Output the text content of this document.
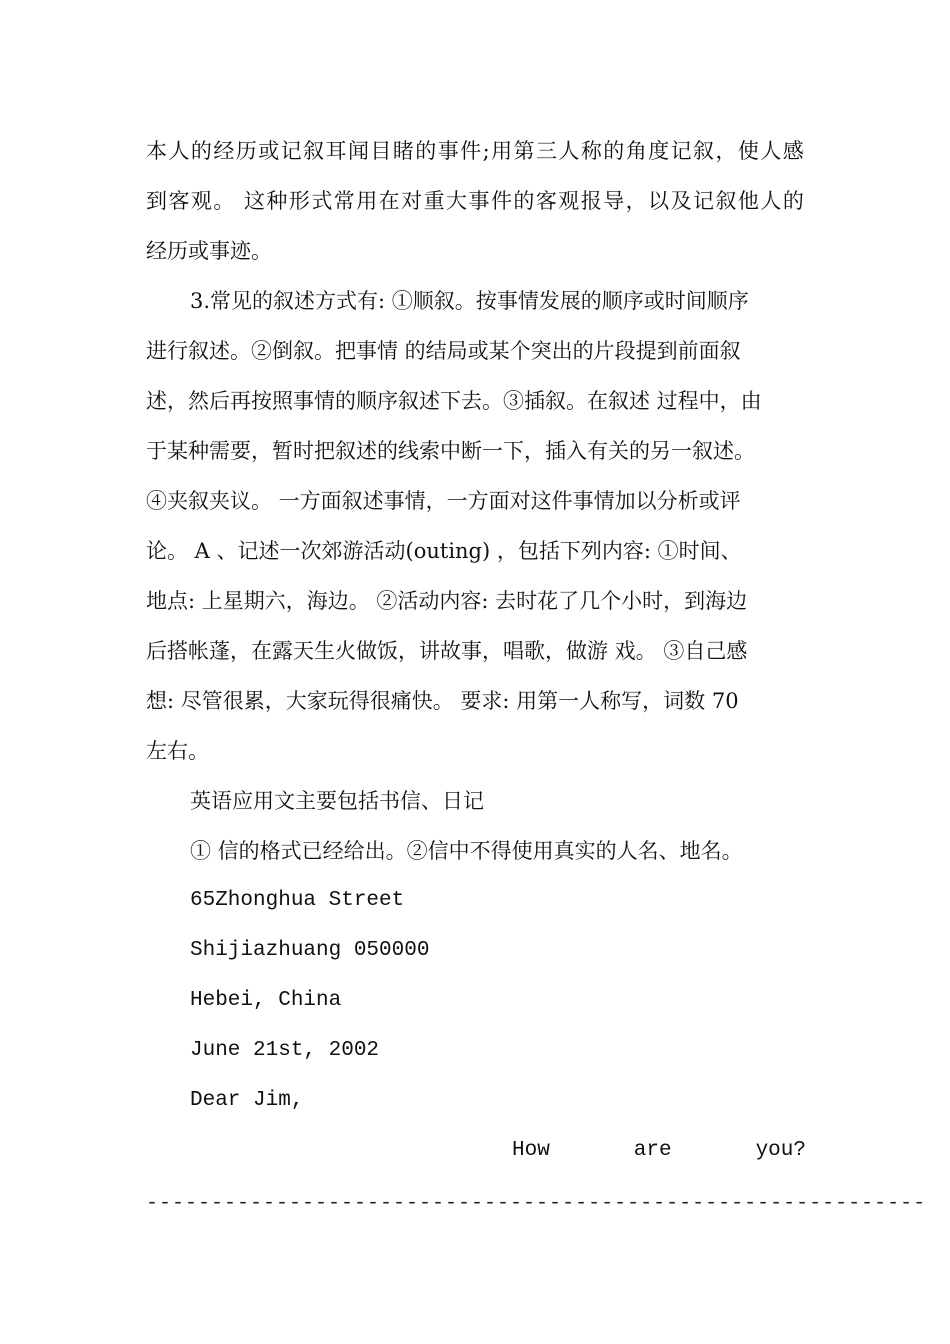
本 人 的 经 历 或 记 叙 耳 闻 目 睹 的 事 件 ; 用 第 三 人 称 的 角 度 记 叙 ， 使 人 感
到 客 观 。
这 种 形 式 常 用 在 对 重 大 事 件 的 客 观 报 导 ， 以 及 记 叙 他 人 的
经历或事迹。
3.常见的叙述方式有: ①顺叙。按事情发展的顺序或时间顺序
进行叙述。②倒叙。把事情 的结局或某个突出的片段提到前面叙
述，然后再按照事情的顺序叙述下去。③插叙。在叙述 过程中，由
于某种需要，暂时把叙述的线索中断一下，插入有关的另一叙述。
④夹叙夹议。 一方面叙述事情，一方面对这件事情加以分析或评
论。 A 、记述一次郊游活动(outing) ，包括下列内容: ①时间、
地点: 上星期六，海边。 ②活动内容: 去时花了几个小时，到海边
后搭帐蓬，在露天生火做饭，讲故事，唱歌，做游 戏。 ③自己感
想: 尽管很累，大家玩得很痛快。 要求: 用第一人称写，词数 70
左右。
英语应用文主要包括书信、日记
① 信的格式已经给出。②信中不得使用真实的人名、地名。
65Zhonghua Street
Shijiazhuang 050000
Hebei, China
June 21st, 2002
Dear Jim,
How	are	you?
------------------------------------------------------------
